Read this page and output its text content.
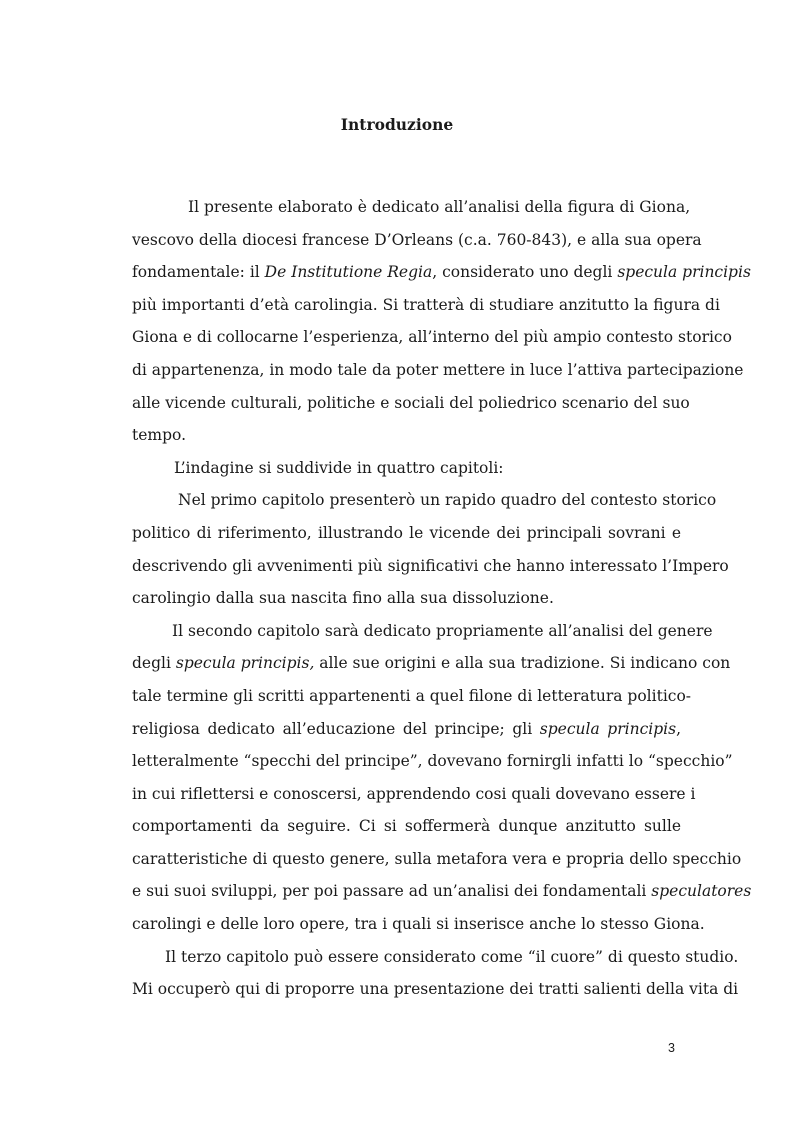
Introduzione
Il presente elaborato è dedicato all’analisi della figura di Giona,
vescovo della diocesi francese D’Orleans (c.a. 760-843), e alla sua opera
fondamentale: il De Institutione Regia, considerato uno degli specula principis
più importanti d’età carolingia. Si tratterà di studiare anzitutto la figura di
Giona e di collocarne l’esperienza, all’interno del più ampio contesto storico
di appartenenza, in modo tale da poter mettere in luce l’attiva partecipazione
alle vicende culturali, politiche e sociali del poliedrico scenario del suo
tempo.
L’indagine si suddivide in quattro capitoli:
Nel primo capitolo presenterò un rapido quadro del contesto storico
politico di riferimento, illustrando le vicende dei principali sovrani e
descrivendo gli avvenimenti più significativi che hanno interessato l’Impero
carolingio dalla sua nascita fino alla sua dissoluzione.
Il secondo capitolo sarà dedicato propriamente all’analisi del genere
degli specula principis, alle sue origini e alla sua tradizione. Si indicano con
tale termine gli scritti appartenenti a quel filone di letteratura politico-
religiosa dedicato all’educazione del principe; gli specula principis,
letteralmente “specchi del principe”, dovevano fornirgli infatti lo “specchio”
in cui riflettersi e conoscersi, apprendendo cosi quali dovevano essere i
comportamenti da seguire. Ci si soffermerà dunque anzitutto sulle
caratteristiche di questo genere, sulla metafora vera e propria dello specchio
e sui suoi sviluppi, per poi passare ad un’analisi dei fondamentali speculatores
carolingi e delle loro opere, tra i quali si inserisce anche lo stesso Giona.
Il terzo capitolo può essere considerato come “il cuore” di questo studio.
Mi occuperò qui di proporre una presentazione dei tratti salienti della vita di
3
